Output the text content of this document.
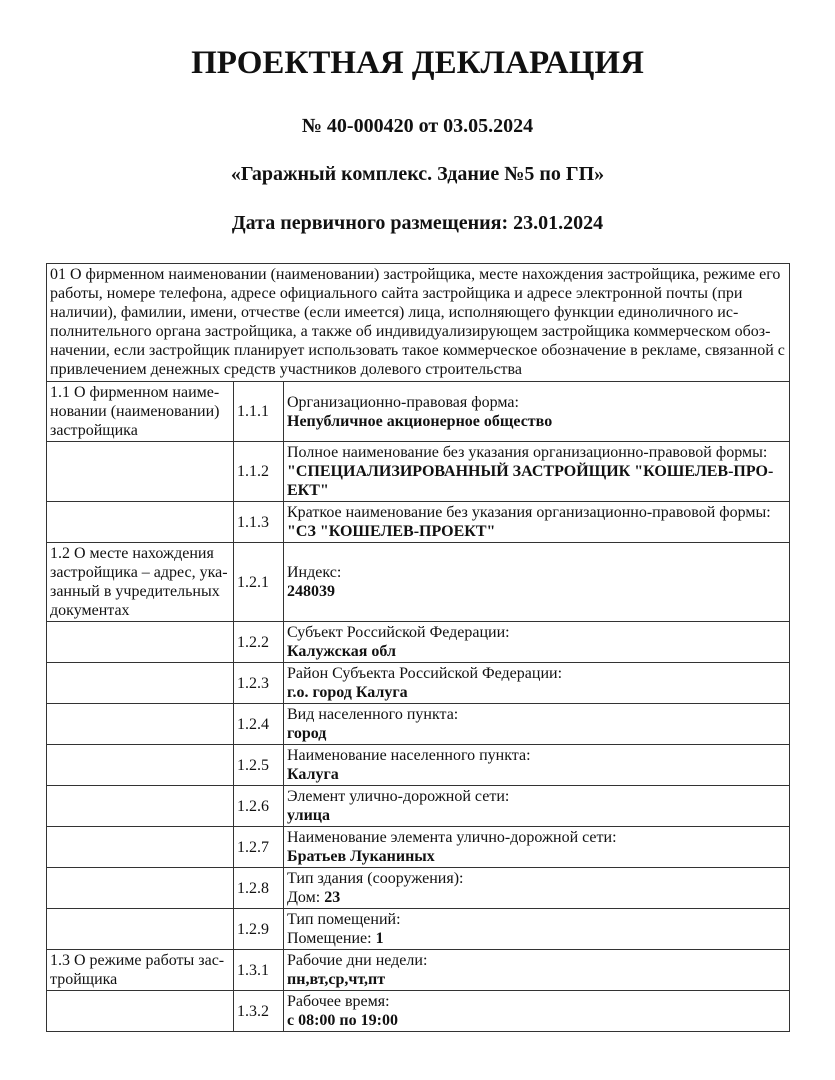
ПРОЕКТНАЯ ДЕКЛАРАЦИЯ
№ 40-000420 от 03.05.2024
«Гаражный комплекс. Здание №5 по ГП»
Дата первичного размещения: 23.01.2024
01 О фирменном наименовании (наименовании) застройщика, месте нахождения застройщика, режиме его работы, номере телефона, адресе официального сайта застройщика и адресе электронной почты (при наличии), фамилии, имени, отчестве (если имеется) лица, исполняющего функции единоличного исполнительного органа застройщика, а также об индивидуализирующем застройщика коммерческом обозначении, если застройщик планирует использовать такое коммерческое обозначение в рекламе, связанной с привлечением денежных средств участников долевого строительства		
1.1 О фирменном наименовании (наименовании) застройщика	1.1.1	Организационно-правовая форма:
Непубличное акционерное общество

	1.1.2	Полное наименование без указания организационно-правовой формы:
"СПЕЦИАЛИЗИРОВАННЫЙ ЗАСТРОЙЩИК "КОШЕЛЕВ-ПРОЕКТ"

	1.1.3	Краткое наименование без указания организационно-правовой формы:
"СЗ "КОШЕЛЕВ-ПРОЕКТ"

1.2 О месте нахождения застройщика – адрес, указанный в учредительных документах	1.2.1	Индекс:
248039

	1.2.2	Субъект Российской Федерации:
Калужская обл

	1.2.3	Район Субъекта Российской Федерации:
г.о. город Калуга

	1.2.4	Вид населенного пункта:
город

	1.2.5	Наименование населенного пункта:
Калуга

	1.2.6	Элемент улично-дорожной сети:
улица

	1.2.7	Наименование элемента улично-дорожной сети:
Братьев Луканиных

	1.2.8	Тип здания (сооружения):
Дом: 23

	1.2.9	Тип помещений:
Помещение: 1

1.3 О режиме работы застройщика	1.3.1	Рабочие дни недели:
пн,вт,ср,чт,пт

	1.3.2	Рабочее время:
с 08:00 по 19:00
